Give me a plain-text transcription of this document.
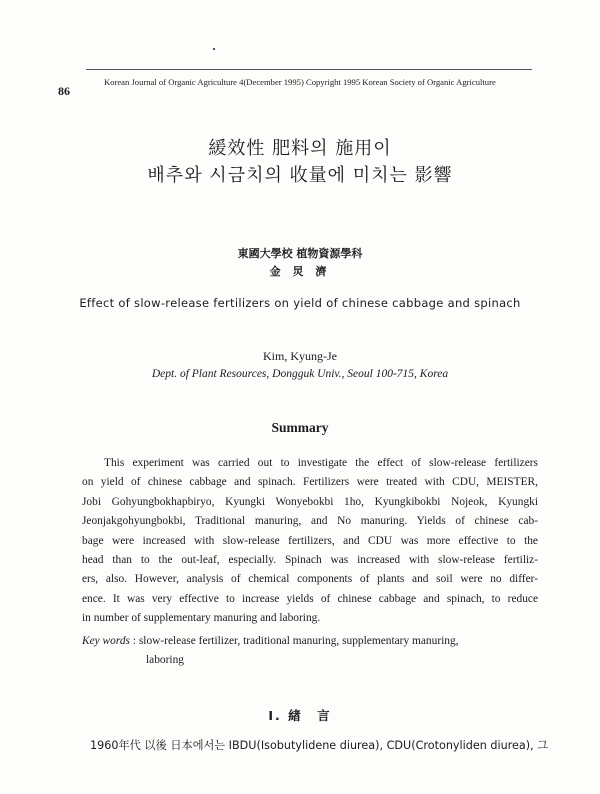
Korean Journal of Organic Agriculture 4(December 1995) Copyright 1995 Korean Society of Organic Agriculture
86
緩效性 肥料의 施用이
배추와 시금치의 收量에 미치는 影響
東國大學校 植物資源學科
金 炅 濟
Effect of slow-release fertilizers on yield of chinese cabbage and spinach
Kim, Kyung-Je
Dept. of Plant Resources, Dongguk Univ., Seoul 100-715, Korea
Summary
This experiment was carried out to investigate the effect of slow-release fertilizers
on yield of chinese cabbage and spinach. Fertilizers were treated with CDU, MEISTER,
Jobi Gohyungbokhapbiryo, Kyungki Wonyebokbi 1ho, Kyungkibokbi Nojeok, Kyungki
Jeonjakgohyungbokbi, Traditional manuring, and No manuring. Yields of chinese cab-
bage were increased with slow-release fertilizers, and CDU was more effective to the
head than to the out-leaf, especially. Spinach was increased with slow-release fertiliz-
ers, also. However, analysis of chemical components of plants and soil were no differ-
ence. It was very effective to increase yields of chinese cabbage and spinach, to reduce
in number of supplementary manuring and laboring.
Key words : slow-release fertilizer, traditional manuring, supplementary manuring,
laboring
Ⅰ. 緖　言
1960年代 以後 日本에서는 IBDU(Isobutylidene diurea), CDU(Crotonyliden diurea), 그
